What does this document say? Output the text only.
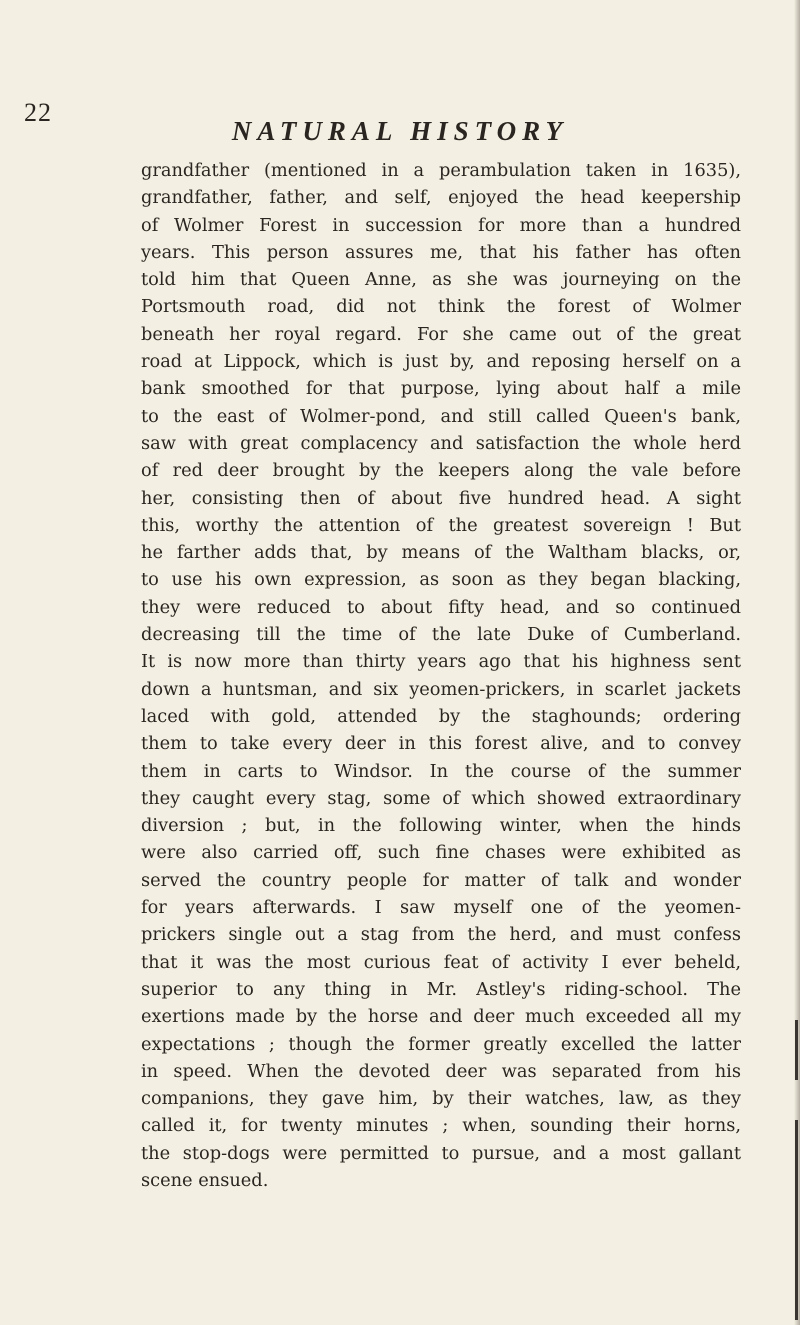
22
NATURAL HISTORY
grandfather (mentioned in a perambulation taken in 1635),
grandfather, father, and self, enjoyed the head keepership
of Wolmer Forest in succession for more than a hundred
years. This person assures me, that his father has often
told him that Queen Anne, as she was journeying on the
Portsmouth road, did not think the forest of Wolmer
beneath her royal regard. For she came out of the great
road at Lippock, which is just by, and reposing herself on a
bank smoothed for that purpose, lying about half a mile
to the east of Wolmer-pond, and still called Queen's bank,
saw with great complacency and satisfaction the whole herd
of red deer brought by the keepers along the vale before
her, consisting then of about five hundred head. A sight
this, worthy the attention of the greatest sovereign ! But
he farther adds that, by means of the Waltham blacks, or,
to use his own expression, as soon as they began blacking,
they were reduced to about fifty head, and so continued
decreasing till the time of the late Duke of Cumberland.
It is now more than thirty years ago that his highness sent
down a huntsman, and six yeomen-prickers, in scarlet jackets
laced with gold, attended by the staghounds; ordering
them to take every deer in this forest alive, and to convey
them in carts to Windsor. In the course of the summer
they caught every stag, some of which showed extraordinary
diversion ; but, in the following winter, when the hinds
were also carried off, such fine chases were exhibited as
served the country people for matter of talk and wonder
for years afterwards. I saw myself one of the yeomen-
prickers single out a stag from the herd, and must confess
that it was the most curious feat of activity I ever beheld,
superior to any thing in Mr. Astley's riding-school. The
exertions made by the horse and deer much exceeded all my
expectations ; though the former greatly excelled the latter
in speed. When the devoted deer was separated from his
companions, they gave him, by their watches, law, as they
called it, for twenty minutes ; when, sounding their horns,
the stop-dogs were permitted to pursue, and a most gallant
scene ensued.
